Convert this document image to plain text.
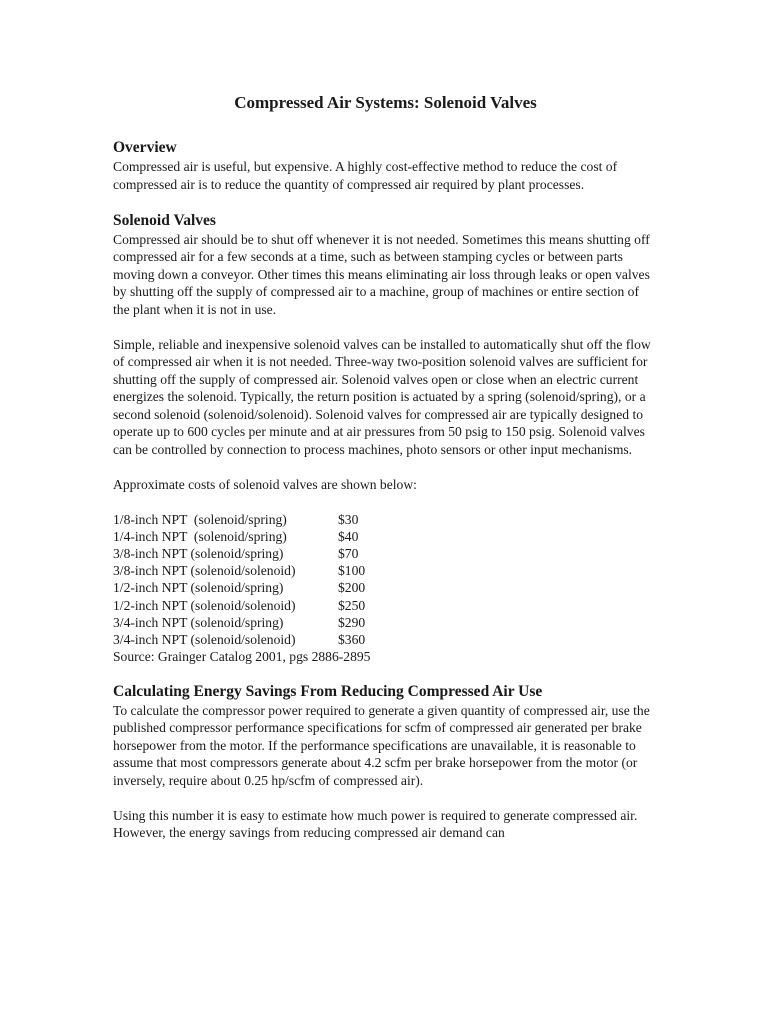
Compressed Air Systems: Solenoid Valves
Overview

Compressed air is useful, but expensive. A highly cost-effective method to reduce the cost of compressed air is to reduce the quantity of compressed air required by plant processes.

Solenoid Valves

Compressed air should be to shut off whenever it is not needed. Sometimes this means shutting off compressed air for a few seconds at a time, such as between stamping cycles or between parts moving down a conveyor. Other times this means eliminating air loss through leaks or open valves by shutting off the supply of compressed air to a machine, group of machines or entire section of the plant when it is not in use.

Simple, reliable and inexpensive solenoid valves can be installed to automatically shut off the flow of compressed air when it is not needed. Three-way two-position solenoid valves are sufficient for shutting off the supply of compressed air. Solenoid valves open or close when an electric current energizes the solenoid. Typically, the return position is actuated by a spring (solenoid/spring), or a second solenoid (solenoid/solenoid). Solenoid valves for compressed air are typically designed to operate up to 600 cycles per minute and at air pressures from 50 psig to 150 psig. Solenoid valves can be controlled by connection to process machines, photo sensors or other input mechanisms.

Approximate costs of solenoid valves are shown below:

1/8-inch NPT  (solenoid/spring)	$30
1/4-inch NPT  (solenoid/spring)	$40
3/8-inch NPT (solenoid/spring)	$70
3/8-inch NPT (solenoid/solenoid)	$100
1/2-inch NPT (solenoid/spring)	$200
1/2-inch NPT (solenoid/solenoid)	$250
3/4-inch NPT (solenoid/spring)	$290
3/4-inch NPT (solenoid/solenoid)	$360

Source: Grainger Catalog 2001, pgs 2886-2895

Calculating Energy Savings From Reducing Compressed Air Use

To calculate the compressor power required to generate a given quantity of compressed air, use the published compressor performance specifications for scfm of compressed air generated per brake horsepower from the motor. If the performance specifications are unavailable, it is reasonable to assume that most compressors generate about 4.2 scfm per brake horsepower from the motor (or inversely, require about 0.25 hp/scfm of compressed air).

Using this number it is easy to estimate how much power is required to generate compressed air. However, the energy savings from reducing compressed air demand can
